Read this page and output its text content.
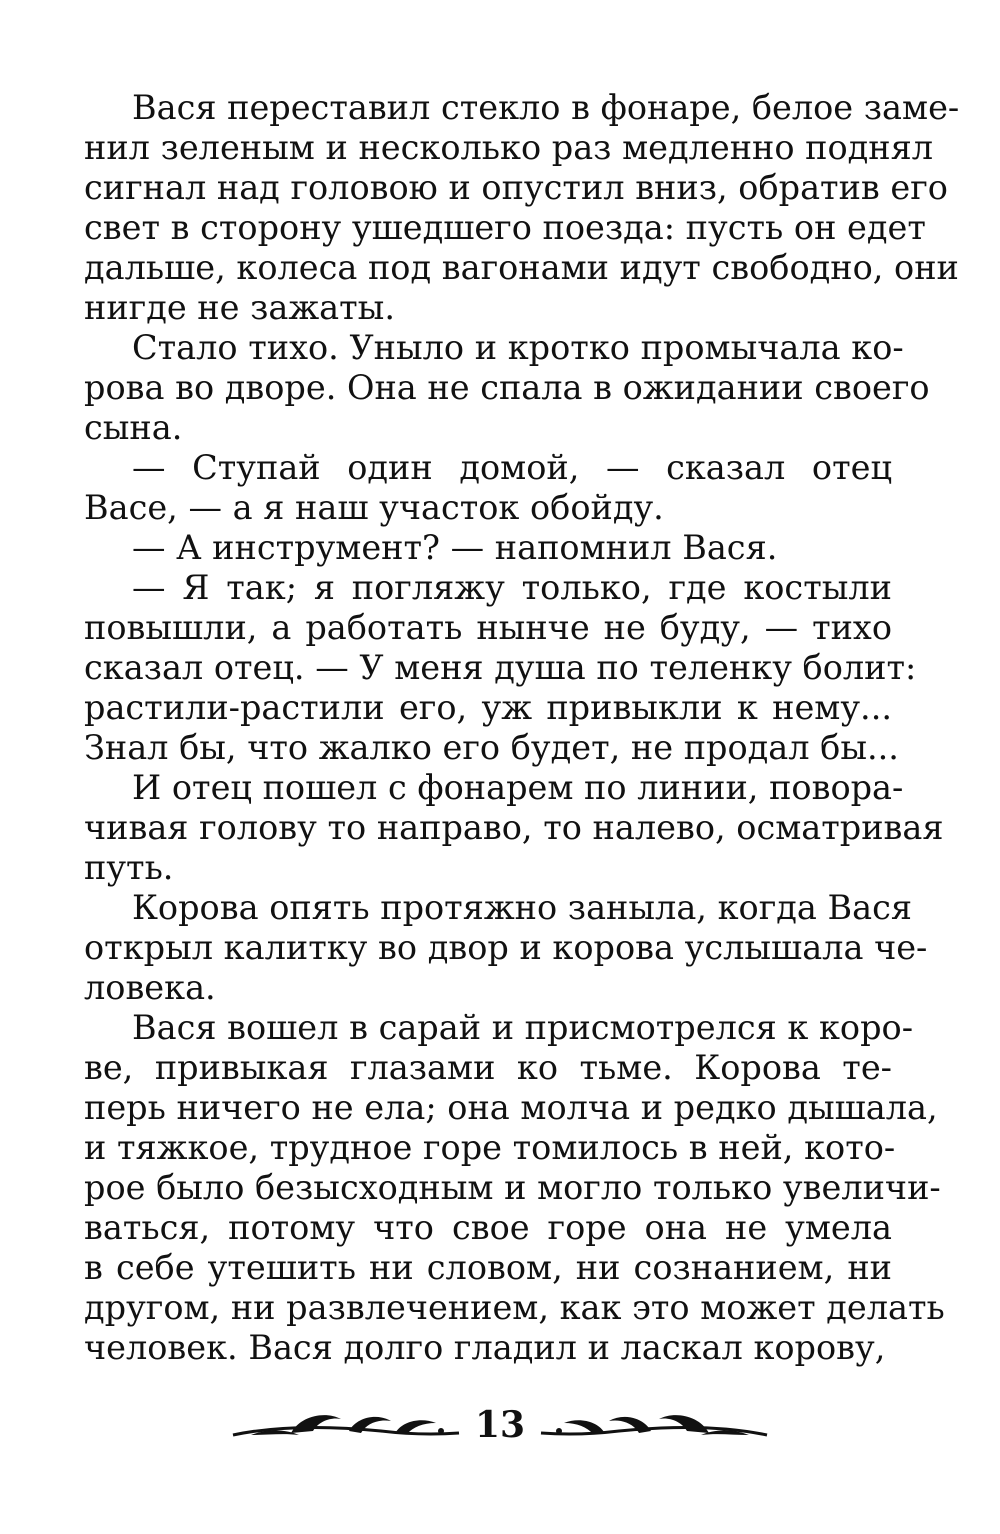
Вася переставил стекло в фонаре, белое заме-
нил зеленым и несколько раз медленно поднял
сигнал над головою и опустил вниз, обратив его
свет в сторону ушедшего поезда: пусть он едет
дальше, колеса под вагонами идут свободно, они
нигде не зажаты.

Стало тихо. Уныло и кротко промычала ко-
рова во дворе. Она не спала в ожидании своего
сына.

— Ступай один домой, — сказал отец
Васе, — а я наш участок обойду.

— А инструмент? — напомнил Вася.

— Я так; я погляжу только, где костыли
повышли, а работать нынче не буду, — тихо
сказал отец. — У меня душа по теленку болит:
растили-растили его, уж привыкли к нему...
Знал бы, что жалко его будет, не продал бы...

И отец пошел с фонарем по линии, повора-
чивая голову то направо, то налево, осматривая
путь.

Корова опять протяжно заныла, когда Вася
открыл калитку во двор и корова услышала че-
ловека.

Вася вошел в сарай и присмотрелся к коро-
ве, привыкая глазами ко тьме. Корова те-
перь ничего не ела; она молча и редко дышала,
и тяжкое, трудное горе томилось в ней, кото-
рое было безысходным и могло только увеличи-
ваться, потому что свое горе она не умела
в себе утешить ни словом, ни сознанием, ни
другом, ни развлечением, как это может делать
человек. Вася долго гладил и ласкал корову,

13
